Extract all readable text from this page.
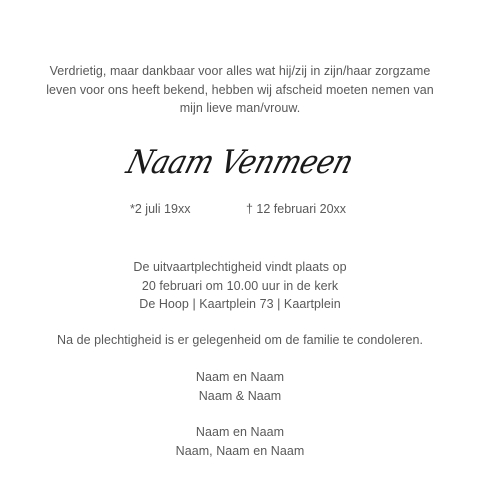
Verdrietig, maar dankbaar voor alles wat hij/zij in zijn/haar zorgzame
leven voor ons heeft bekend, hebben wij afscheid moeten nemen van
mijn lieve man/vrouw.
Naam Venmeen
*2 juli 19xx	† 12 februari 20xx
De uitvaartplechtigheid vindt plaats op
20 februari om 10.00 uur in de kerk
De Hoop | Kaartplein 73 | Kaartplein
Na de plechtigheid is er gelegenheid om de familie te condoleren.
Naam en Naam
Naam & Naam
Naam en Naam
Naam, Naam en Naam
